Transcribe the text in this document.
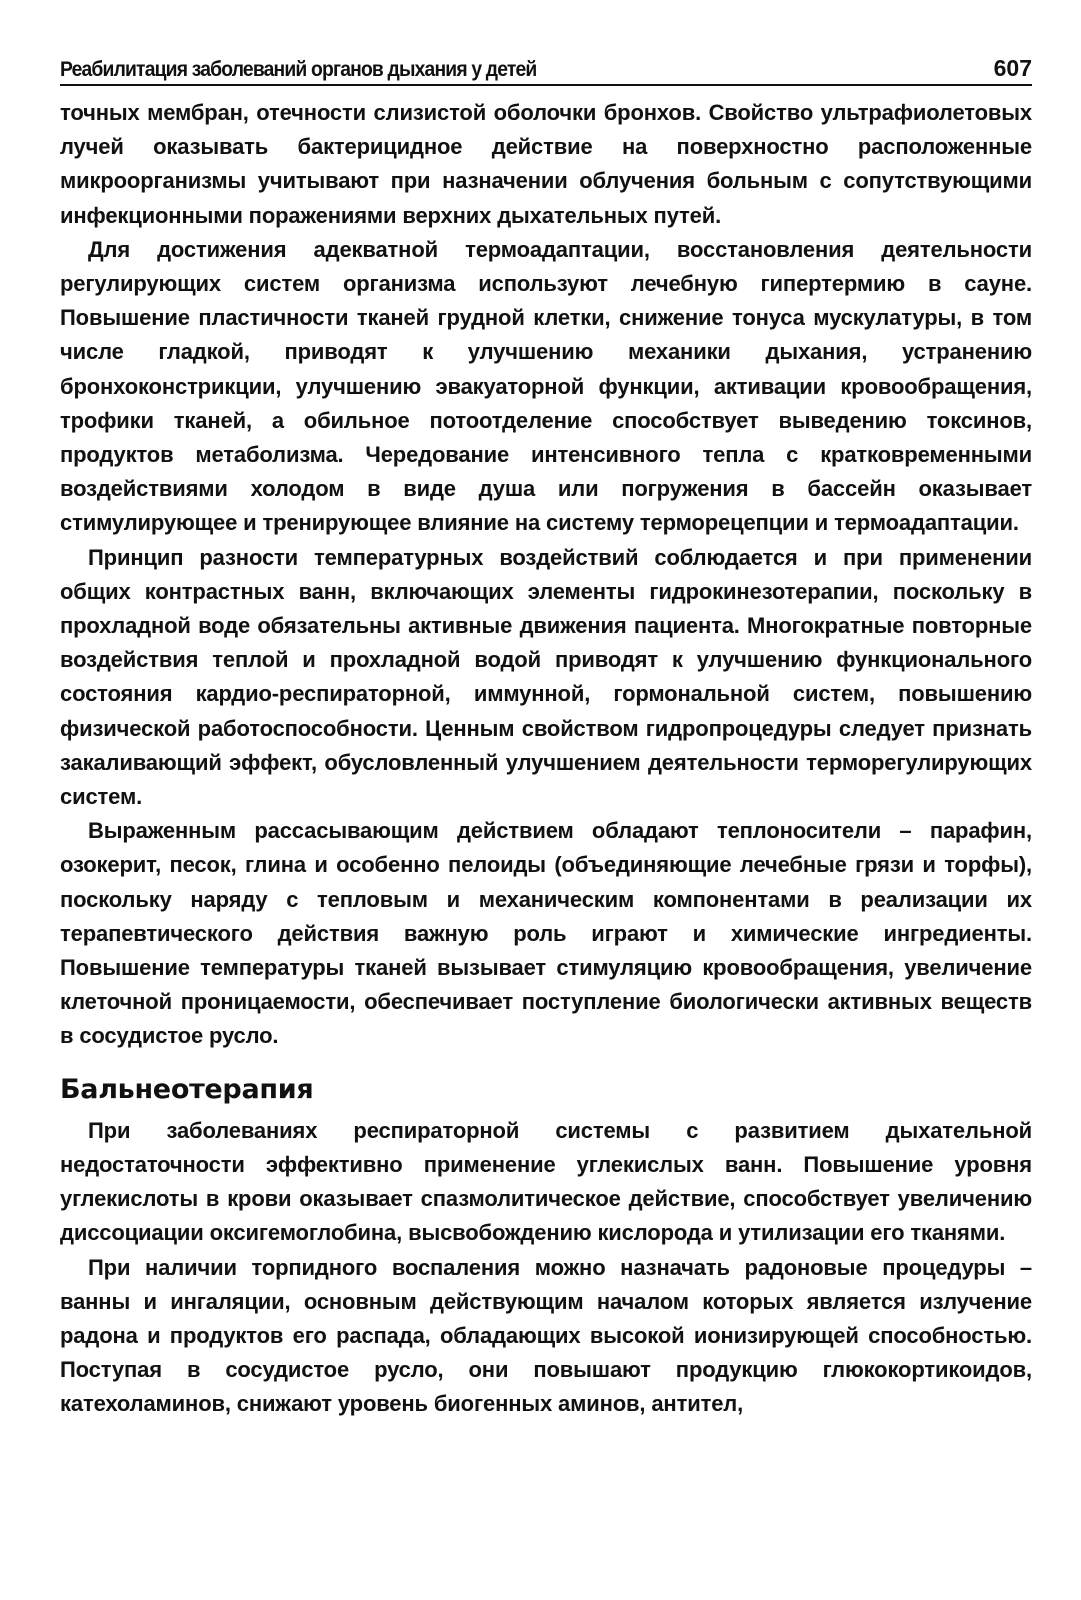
Реабилитация заболеваний органов дыхания у детей	607

точных мембран, отечности слизистой оболочки бронхов. Свойство ультрафиолетовых лучей оказывать бактерицидное действие на поверхностно расположенные микроорганизмы учитывают при назначении облучения больным с сопутствующими инфекционными поражениями верхних дыхательных путей.

Для достижения адекватной термоадаптации, восстановления деятельности регулирующих систем организма используют лечебную гипертермию в сауне. Повышение пластичности тканей грудной клетки, снижение тонуса мускулатуры, в том числе гладкой, приводят к улучшению механики дыхания, устранению бронхоконстрикции, улучшению эвакуаторной функции, активации кровообращения, трофики тканей, а обильное потоотделение способствует выведению токсинов, продуктов метаболизма. Чередование интенсивного тепла с кратковременными воздействиями холодом в виде душа или погружения в бассейн оказывает стимулирующее и тренирующее влияние на систему терморецепции и термоадаптации.

Принцип разности температурных воздействий соблюдается и при применении общих контрастных ванн, включающих элементы гидрокинезотерапии, поскольку в прохладной воде обязательны активные движения пациента. Многократные повторные воздействия теплой и прохладной водой приводят к улучшению функционального состояния кардио-респираторной, иммунной, гормональной систем, повышению физической работоспособности. Ценным свойством гидропроцедуры следует признать закаливающий эффект, обусловленный улучшением деятельности терморегулирующих систем.

Выраженным рассасывающим действием обладают теплоносители – парафин, озокерит, песок, глина и особенно пелоиды (объединяющие лечебные грязи и торфы), поскольку наряду с тепловым и механическим компонентами в реализации их терапевтического действия важную роль играют и химические ингредиенты. Повышение температуры тканей вызывает стимуляцию кровообращения, увеличение клеточной проницаемости, обеспечивает поступление биологически активных веществ в сосудистое русло.

Бальнеотерапия

При заболеваниях респираторной системы с развитием дыхательной недостаточности эффективно применение углекислых ванн. Повышение уровня углекислоты в крови оказывает спазмолитическое действие, способствует увеличению диссоциации оксигемоглобина, высвобождению кислорода и утилизации его тканями.

При наличии торпидного воспаления можно назначать радоновые процедуры – ванны и ингаляции, основным действующим началом которых является излучение радона и продуктов его распада, обладающих высокой ионизирующей способностью. Поступая в сосудистое русло, они повышают продукцию глюкокортикоидов, катехоламинов, снижают уровень биогенных аминов, антител,
